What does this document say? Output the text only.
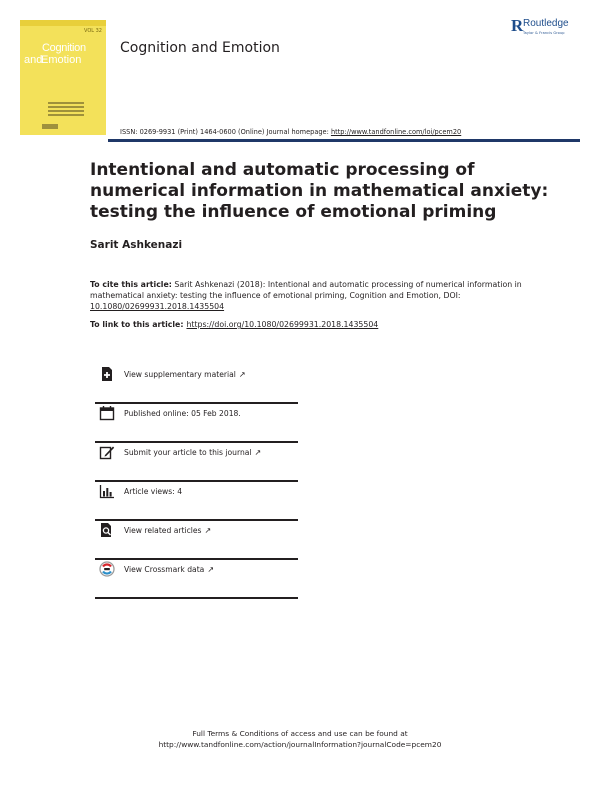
VOL 32
Cognition
and
Emotion
Cognition and Emotion
R Routledge
Taylor & Francis Group
ISSN: 0269-9931 (Print) 1464-0600 (Online) Journal homepage: http://www.tandfonline.com/loi/pcem20
Intentional and automatic processing of numerical information in mathematical anxiety: testing the influence of emotional priming
Sarit Ashkenazi
To cite this article: Sarit Ashkenazi (2018): Intentional and automatic processing of numerical information in mathematical anxiety: testing the influence of emotional priming, Cognition and Emotion, DOI: 10.1080/02699931.2018.1435504
To link to this article: https://doi.org/10.1080/02699931.2018.1435504
View supplementary material ↗
Published online: 05 Feb 2018.
Submit your article to this journal ↗
Article views: 4
View related articles ↗
View Crossmark data ↗
Full Terms & Conditions of access and use can be found at
http://www.tandfonline.com/action/journalInformation?journalCode=pcem20
